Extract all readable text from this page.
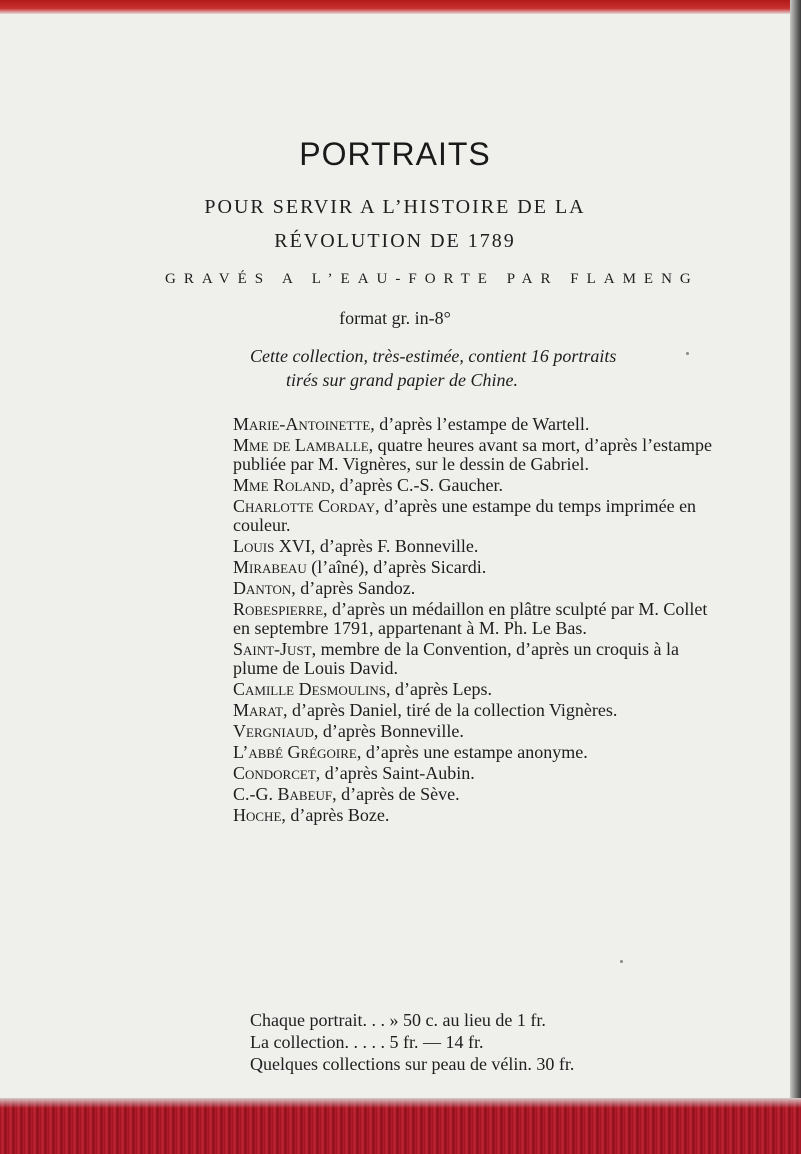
PORTRAITS
POUR SERVIR A L’HISTOIRE DE LA
RÉVOLUTION DE 1789
GRAVÉS A L’EAU-FORTE PAR FLAMENG
format gr. in-8°
Cette collection, très-estimée, contient 16 portraits
tirés sur grand papier de Chine.
Marie-Antoinette, d’après l’estampe de Wartell.
Mme de Lamballe, quatre heures avant sa mort, d’après l’estampe publiée par M. Vignères, sur le dessin de Gabriel.
Mme Roland, d’après C.-S. Gaucher.
Charlotte Corday, d’après une estampe du temps imprimée en couleur.
Louis XVI, d’après F. Bonneville.
Mirabeau (l’aîné), d’après Sicardi.
Danton, d’après Sandoz.
Robespierre, d’après un médaillon en plâtre sculpté par M. Collet en septembre 1791, appartenant à M. Ph. Le Bas.
Saint-Just, membre de la Convention, d’après un croquis à la plume de Louis David.
Camille Desmoulins, d’après Leps.
Marat, d’après Daniel, tiré de la collection Vignères.
Vergniaud, d’après Bonneville.
L’abbé Grégoire, d’après une estampe anonyme.
Condorcet, d’après Saint-Aubin.
C.-G. Babeuf, d’après de Sève.
Hoche, d’après Boze.
Chaque portrait. . . » 50 c. au lieu de 1 fr.
La collection. . . . . 5 fr. — 14 fr.
Quelques collections sur peau de vélin. 30 fr.
